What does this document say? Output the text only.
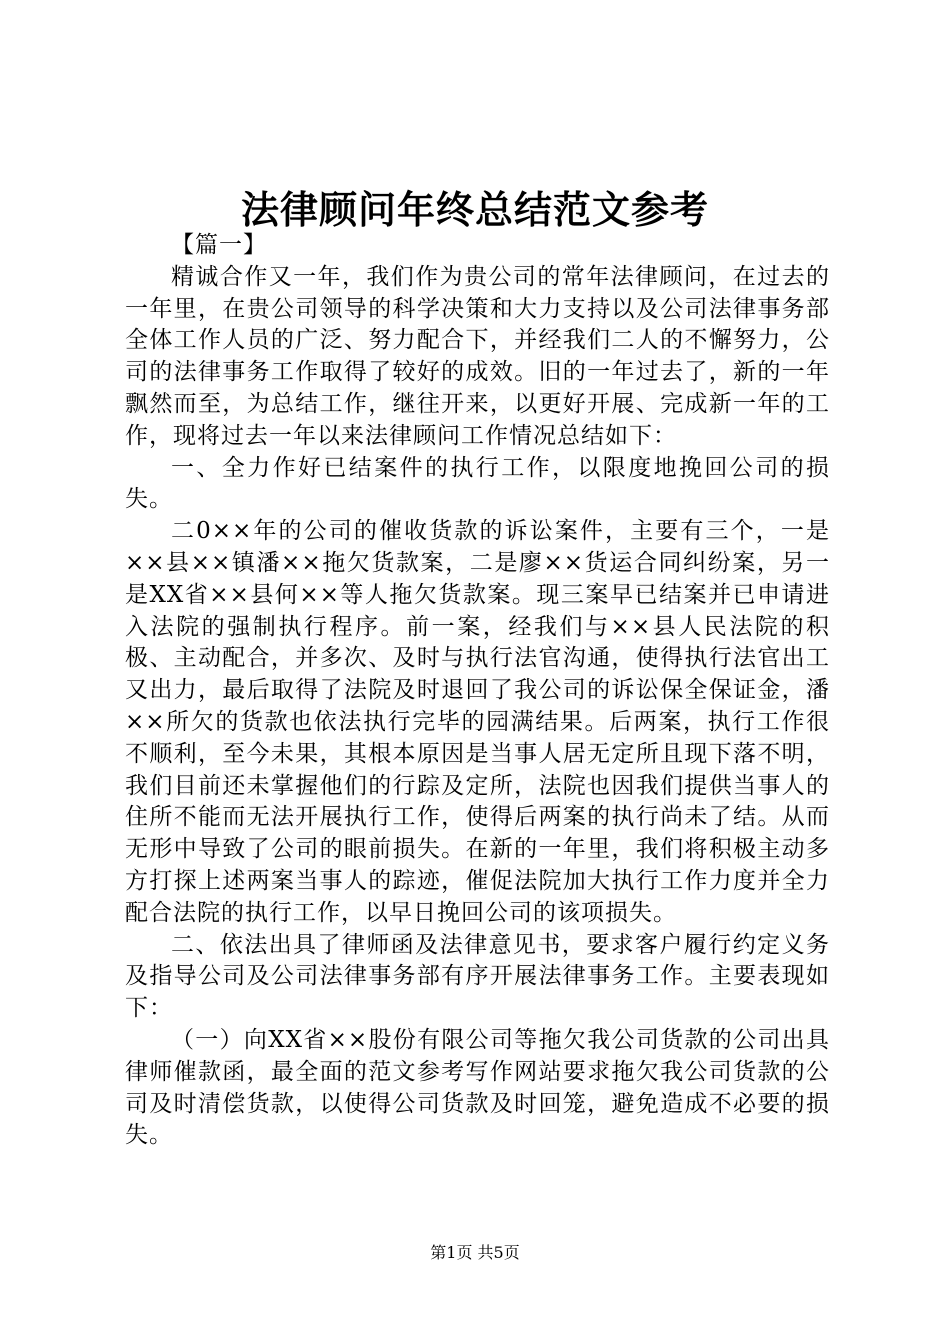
法律顾问年终总结范文参考

【篇一】

精诚合作又一年，我们作为贵公司的常年法律顾问，在过去的一年里，在贵公司领导的科学决策和大力支持以及公司法律事务部全体工作人员的广泛、努力配合下，并经我们二人的不懈努力，公司的法律事务工作取得了较好的成效。旧的一年过去了，新的一年飘然而至，为总结工作，继往开来，以更好开展、完成新一年的工作，现将过去一年以来法律顾问工作情况总结如下：

一、全力作好已结案件的执行工作，以限度地挽回公司的损失。

二0××年的公司的催收货款的诉讼案件，主要有三个，一是××县××镇潘××拖欠货款案，二是廖××货运合同纠纷案，另一是XX省××县何××等人拖欠货款案。现三案早已结案并已申请进入法院的强制执行程序。前一案，经我们与××县人民法院的积极、主动配合，并多次、及时与执行法官沟通，使得执行法官出工又出力，最后取得了法院及时退回了我公司的诉讼保全保证金，潘××所欠的货款也依法执行完毕的园满结果。后两案，执行工作很不顺利，至今未果，其根本原因是当事人居无定所且现下落不明，我们目前还未掌握他们的行踪及定所，法院也因我们提供当事人的住所不能而无法开展执行工作，使得后两案的执行尚未了结。从而无形中导致了公司的眼前损失。在新的一年里，我们将积极主动多方打探上述两案当事人的踪迹，催促法院加大执行工作力度并全力配合法院的执行工作，以早日挽回公司的该项损失。

二、依法出具了律师函及法律意见书，要求客户履行约定义务及指导公司及公司法律事务部有序开展法律事务工作。主要表现如下：

（一）向XX省××股份有限公司等拖欠我公司货款的公司出具律师催款函，最全面的范文参考写作网站要求拖欠我公司货款的公司及时清偿货款，以使得公司货款及时回笼，避免造成不必要的损失。

第1页 共5页
